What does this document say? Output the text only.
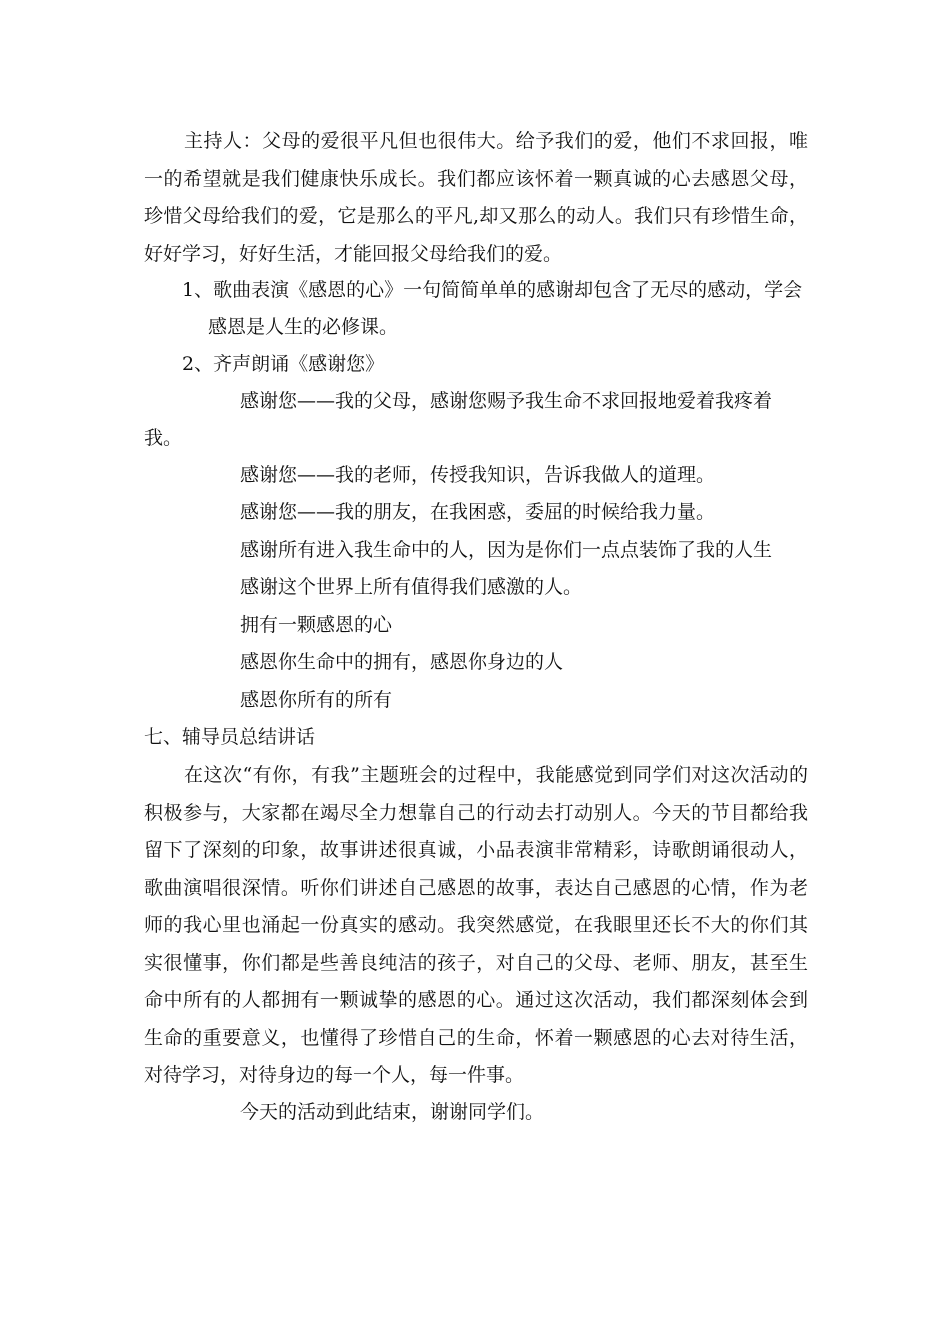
主持人：父母的爱很平凡但也很伟大。给予我们的爱，他们不求回报，唯一的希望就是我们健康快乐成长。我们都应该怀着一颗真诚的心去感恩父母，珍惜父母给我们的爱，它是那么的平凡,却又那么的动人。我们只有珍惜生命，好好学习，好好生活，才能回报父母给我们的爱。

1、歌曲表演《感恩的心》一句简简单单的感谢却包含了无尽的感动，学会

感恩是人生的必修课。

2、齐声朗诵《感谢您》

感谢您——我的父母，感谢您赐予我生命不求回报地爱着我疼着

我。

感谢您——我的老师，传授我知识，告诉我做人的道理。

感谢您——我的朋友，在我困惑，委屈的时候给我力量。

感谢所有进入我生命中的人，因为是你们一点点装饰了我的人生

感谢这个世界上所有值得我们感激的人。

拥有一颗感恩的心

感恩你生命中的拥有，感恩你身边的人

感恩你所有的所有

七、辅导员总结讲话

在这次“有你，有我”主题班会的过程中，我能感觉到同学们对这次活动的积极参与，大家都在竭尽全力想靠自己的行动去打动别人。今天的节目都给我留下了深刻的印象，故事讲述很真诚，小品表演非常精彩，诗歌朗诵很动人，歌曲演唱很深情。听你们讲述自己感恩的故事，表达自己感恩的心情，作为老师的我心里也涌起一份真实的感动。我突然感觉，在我眼里还长不大的你们其实很懂事，你们都是些善良纯洁的孩子，对自己的父母、老师、朋友，甚至生命中所有的人都拥有一颗诚挚的感恩的心。通过这次活动，我们都深刻体会到生命的重要意义，也懂得了珍惜自己的生命，怀着一颗感恩的心去对待生活，对待学习，对待身边的每一个人，每一件事。

今天的活动到此结束，谢谢同学们。
